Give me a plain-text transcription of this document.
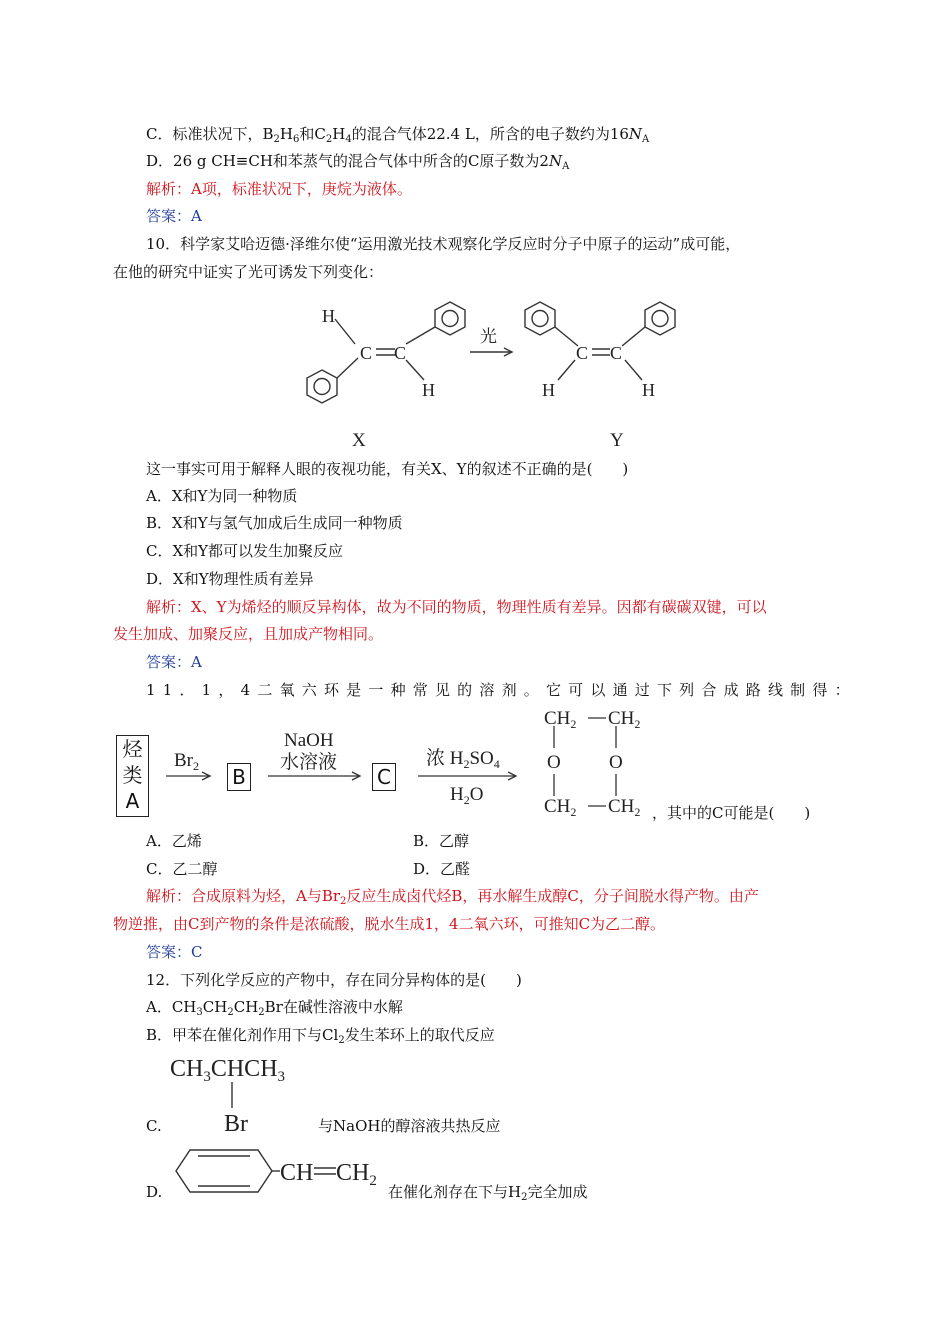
C．标准状况下，$B_2H_6$和$C_2H_4$的混合气体22.4 L，所含的电子数约为$16N_A$
D．26 g CH≡CH和苯蒸气的混合气体中所含的C原子数为$2N_A$
解析：A项，标准状况下，庚烷为液体。
答案：A
10．科学家艾哈迈德·泽维尔使“运用激光技术观察化学反应时分子中原子的运动”成可能，
在他的研究中证实了光可诱发下列变化：
H
C C
H
光
C C
H	H
X	Y
这一事实可用于解释人眼的夜视功能，有关X、Y的叙述不正确的是(　　)
A．X和Y为同一种物质
B．X和Y与氢气加成后生成同一种物质
C．X和Y都可以发生加聚反应
D．X和Y物理性质有差异
解析：X、Y为烯烃的顺反异构体，故为不同的物质，物理性质有差异。因都有碳碳双键，可以
发生加成、加聚反应，且加成产物相同。
答案：A
11．1，4二氧六环是一种常见的溶剂。它可以通过下列合成路线制得：
烃
类
A
B	C
$Br_2$
NaOH
水溶液	浓 $H_2SO_4$
$H_2O$
$CH_2$ $CH_2$
O	O
$CH_2$ $CH_2$ ，其中的C可能是(　　)
A．乙烯	B．乙醇
C．乙二醇	D．乙醛
解析：合成原料为烃，A与$Br_2$反应生成卤代烃B，再水解生成醇C，分子间脱水得产物。由产
物逆推，由C到产物的条件是浓硫酸，脱水生成1，4二氧六环，可推知C为乙二醇。
答案：C
12．下列化学反应的产物中，存在同分异构体的是(　　)
A．$CH_3CH_2CH_2Br$在碱性溶液中水解
B．甲苯在催化剂作用下与$Cl_2$发生苯环上的取代反应
$CH_3CHCH_3$
Br
C.	与NaOH的醇溶液共热反应
CH $CH_2$
D.	在催化剂存在下与$H_2$完全加成
